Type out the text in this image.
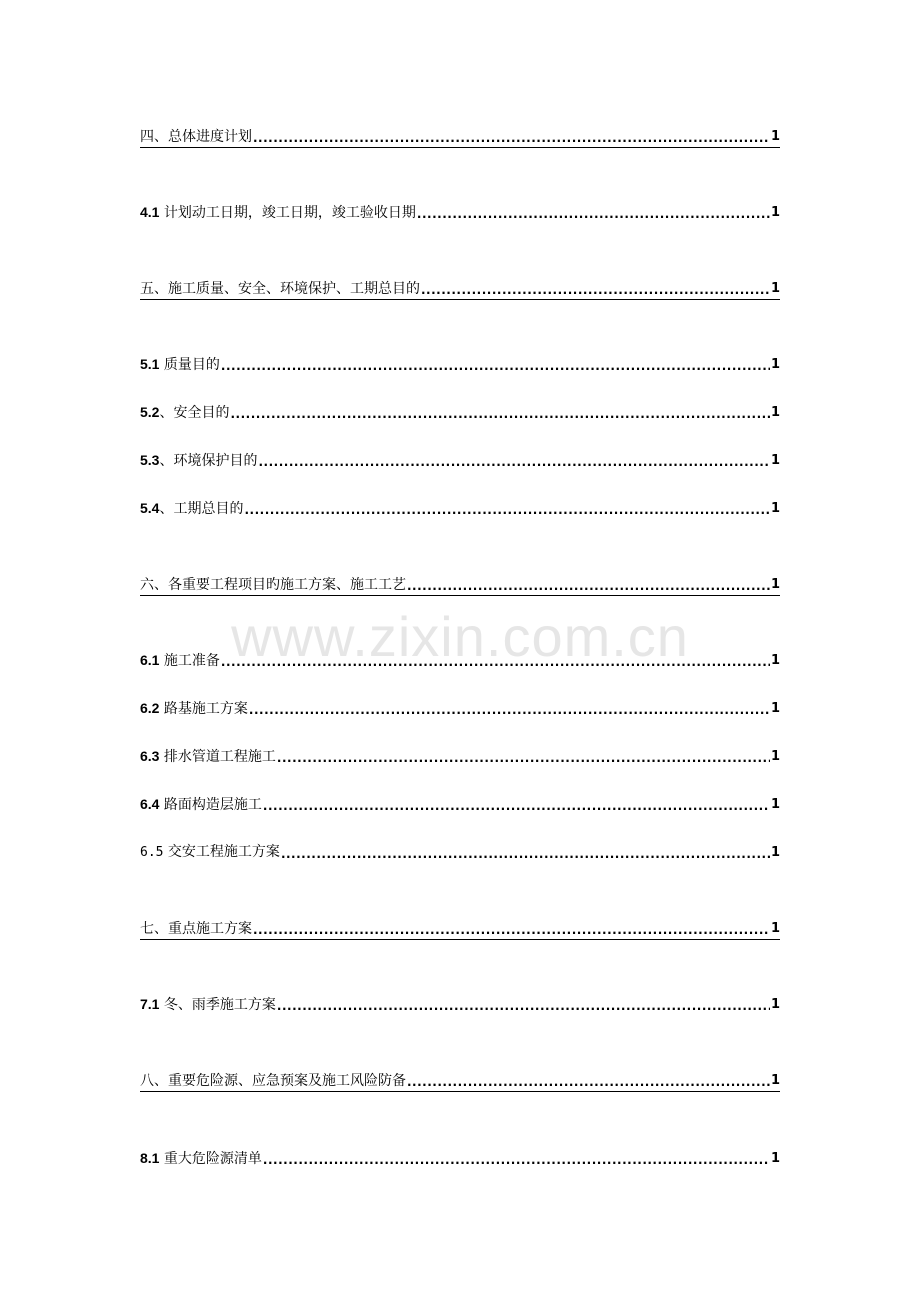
四、总体进度计划 .....	1
4.1 计划动工日期，竣工日期，竣工验收日期 .....	1
五、施工质量、安全、环境保护、工期总目的 .....	1
5.1 质量目的 .....	1
5.2、安全目的 .....	1
5.3、环境保护目的 .....	1
5.4、工期总目的 .....	1
六、各重要工程项目旳施工方案、施工工艺 .....	1
6.1 施工准备 .....	1
6.2 路基施工方案 .....	1
6.3 排水管道工程施工 .....	1
6.4 路面构造层施工 .....	1
6.5 交安工程施工方案 .....	1
七、重点施工方案 .....	1
7.1 冬、雨季施工方案 .....	1
八、重要危险源、应急预案及施工风险防备 .....	1
8.1 重大危险源清单 .....	1
www.zixin.com.cn
